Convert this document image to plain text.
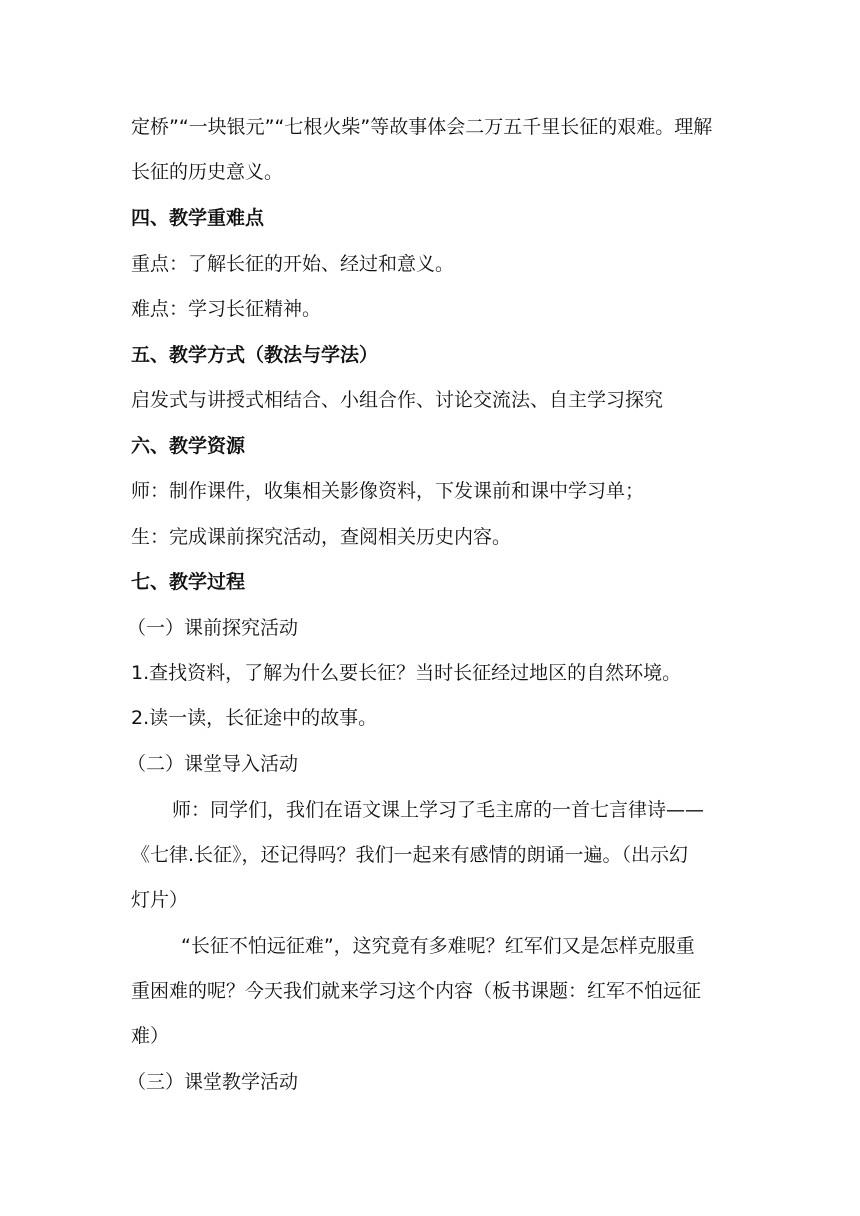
定桥”“一块银元”“七根火柴”等故事体会二万五千里长征的艰难。理解
长征的历史意义。
四、教学重难点
重点：了解长征的开始、经过和意义。
难点：学习长征精神。
五、教学方式（教法与学法）
启发式与讲授式相结合、小组合作、讨论交流法、自主学习探究
六、教学资源
师：制作课件，收集相关影像资料，下发课前和课中学习单；
生：完成课前探究活动，查阅相关历史内容。
七、教学过程
（一）课前探究活动
1.查找资料，了解为什么要长征？当时长征经过地区的自然环境。
2.读一读，长征途中的故事。
（二）课堂导入活动
师：同学们，我们在语文课上学习了毛主席的一首七言律诗——
《七律.长征》，还记得吗？我们一起来有感情的朗诵一遍。（出示幻
灯片）
“长征不怕远征难”，这究竟有多难呢？红军们又是怎样克服重
重困难的呢？今天我们就来学习这个内容（板书课题：红军不怕远征
难）
（三）课堂教学活动
